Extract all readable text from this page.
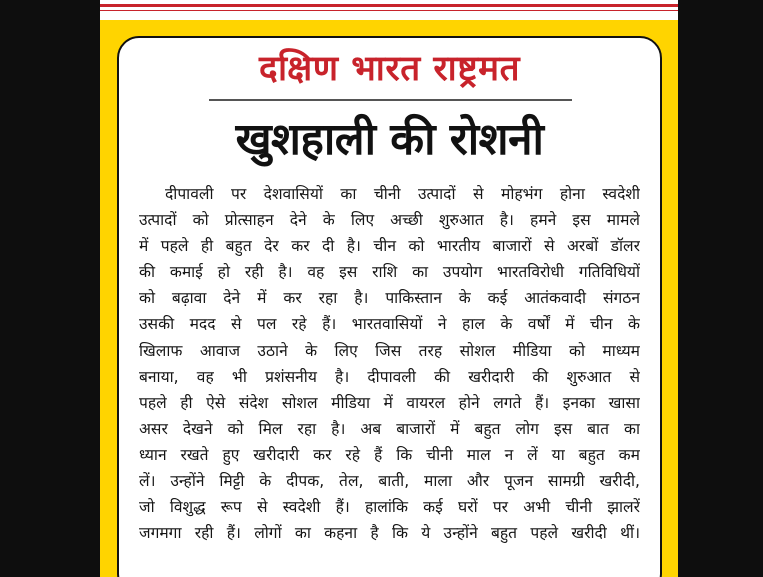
दक्षिण भारत राष्ट्रमत
खुशहाली की रोशनी
दीपावली पर देशवासियों का चीनी उत्पादों से मोहभंग होना स्वदेशी
उत्पादों को प्रोत्साहन देने के लिए अच्छी शुरुआत है। हमने इस मामले
में पहले ही बहुत देर कर दी है। चीन को भारतीय बाजारों से अरबों डॉलर
की कमाई हो रही है। वह इस राशि का उपयोग भारतविरोधी गतिविधियों
को बढ़ावा देने में कर रहा है। पाकिस्तान के कई आतंकवादी संगठन
उसकी मदद से पल रहे हैं। भारतवासियों ने हाल के वर्षों में चीन के
खिलाफ आवाज उठाने के लिए जिस तरह सोशल मीडिया को माध्यम
बनाया, वह भी प्रशंसनीय है। दीपावली की खरीदारी की शुरुआत से
पहले ही ऐसे संदेश सोशल मीडिया में वायरल होने लगते हैं। इनका खासा
असर देखने को मिल रहा है। अब बाजारों में बहुत लोग इस बात का
ध्यान रखते हुए खरीदारी कर रहे हैं कि चीनी माल न लें या बहुत कम
लें। उन्होंने मिट्टी के दीपक, तेल, बाती, माला और पूजन सामग्री खरीदी,
जो विशुद्ध रूप से स्वदेशी हैं। हालांकि कई घरों पर अभी चीनी झालरें
जगमगा रही हैं। लोगों का कहना है कि ये उन्होंने बहुत पहले खरीदी थीं।
